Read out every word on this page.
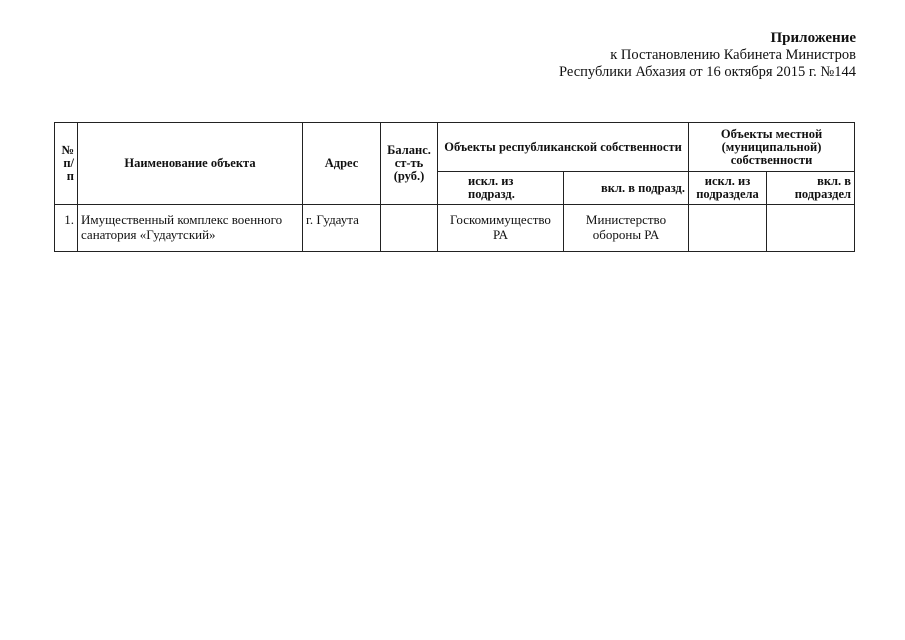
Приложение
к Постановлению Кабинета Министров
Республики Абхазия от 16 октября 2015 г. №144
№ п/п	Наименование объекта	Адрес	Баланс. ст-ть (руб.)	Объекты республиканской собственности		Объекты местной (муниципальной) собственности	
				искл. из подразд.	вкл. в подразд.	искл. из подраздела	вкл. в подраздел
1.	Имущественный комплекс военного санатория «Гудаутский»	г. Гудаута		Госкомимущество РА	Министерство обороны РА		
